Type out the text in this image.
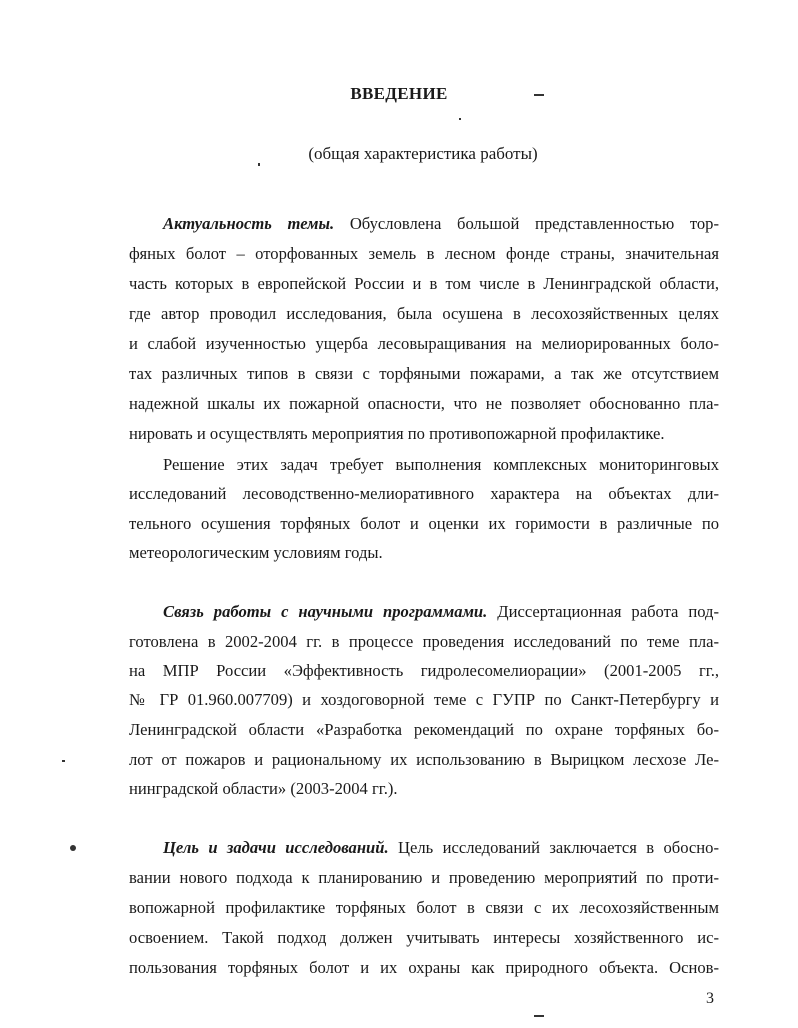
ВВЕДЕНИЕ
(общая характеристика работы)
Актуальность темы. Обусловлена большой представленностью тор-
фяных болот – оторфованных земель в лесном фонде страны, значительная
часть которых в европейской России и в том числе в Ленинградской области,
где автор проводил исследования, была осушена в лесохозяйственных целях
и слабой изученностью ущерба лесовыращивания на мелиорированных боло-
тах различных типов в связи с торфяными пожарами, а так же отсутствием
надежной шкалы их пожарной опасности, что не позволяет обоснованно пла-
нировать и осуществлять мероприятия по противопожарной профилактике.
Решение этих задач требует выполнения комплексных мониторинговых
исследований лесоводственно-мелиоративного характера на объектах дли-
тельного осушения торфяных болот и оценки их горимости в различные по
метеорологическим условиям годы.
Связь работы с научными программами. Диссертационная работа под-
готовлена в 2002-2004 гг. в процессе проведения исследований по теме пла-
на МПР России «Эффективность гидролесомелиорации» (2001-2005 гг.,
№ ГР 01.960.007709) и хоздоговорной теме с ГУПР по Санкт-Петербургу и
Ленинградской области «Разработка рекомендаций по охране торфяных бо-
лот от пожаров и рациональному их использованию в Вырицком лесхозе Ле-
нинградской области» (2003-2004 гг.).
Цель и задачи исследований. Цель исследований заключается в обосно-
вании нового подхода к планированию и проведению мероприятий по проти-
вопожарной профилактике торфяных болот в связи с их лесохозяйственным
освоением. Такой подход должен учитывать интересы хозяйственного ис-
пользования торфяных болот и их охраны как природного объекта. Основ-
3
